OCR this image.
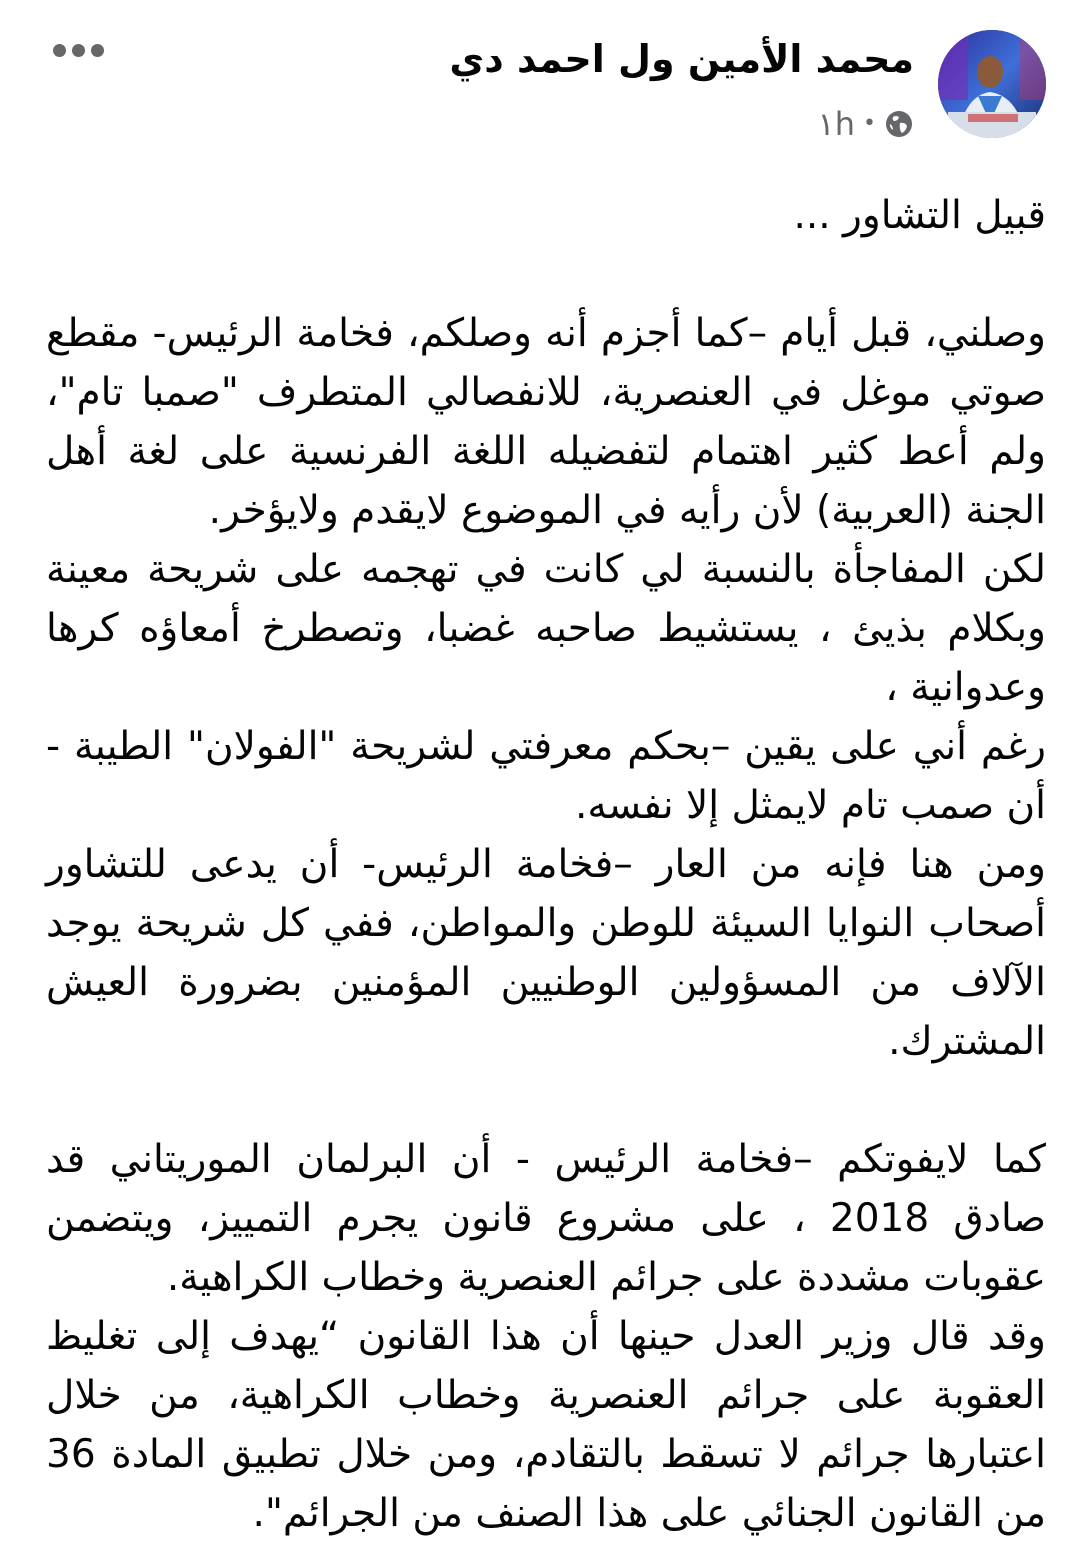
محمد الأمين ول احمد دي
•
١h

قبيل التشاور ...

وصلني، قبل أيام –كما أجزم أنه وصلكم، فخامة الرئيس- مقطع صوتي موغل في العنصرية، للانفصالي المتطرف "صمبا تام"، ولم أعط كثير اهتمام لتفضيله اللغة الفرنسية على لغة أهل الجنة (العربية) لأن رأيه في الموضوع لايقدم ولايؤخر.

لكن المفاجأة بالنسبة لي كانت في تهجمه على شريحة معينة وبكلام بذيئ ، يستشيط صاحبه غضبا، وتصطرخ أمعاؤه كرها وعدوانية ،

رغم أني على يقين –بحكم معرفتي لشريحة "الفولان" الطيبة - أن صمب تام لايمثل إلا نفسه.

ومن هنا فإنه من العار –فخامة الرئيس- أن يدعى للتشاور أصحاب النوايا السيئة للوطن والمواطن، ففي كل شريحة يوجد الآلاف من المسؤولين الوطنيين المؤمنين بضرورة العيش المشترك.

كما لايفوتكم –فخامة الرئيس - أن البرلمان الموريتاني قد صادق 2018 ، على مشروع قانون يجرم التمييز، ويتضمن عقوبات مشددة على جرائم العنصرية وخطاب الكراهية.

وقد قال وزير العدل حينها أن هذا القانون “يهدف إلى تغليظ العقوبة على جرائم العنصرية وخطاب الكراهية، من خلال اعتبارها جرائم لا تسقط بالتقادم، ومن خلال تطبيق المادة 36 من القانون الجنائي على هذا الصنف من الجرائم".
